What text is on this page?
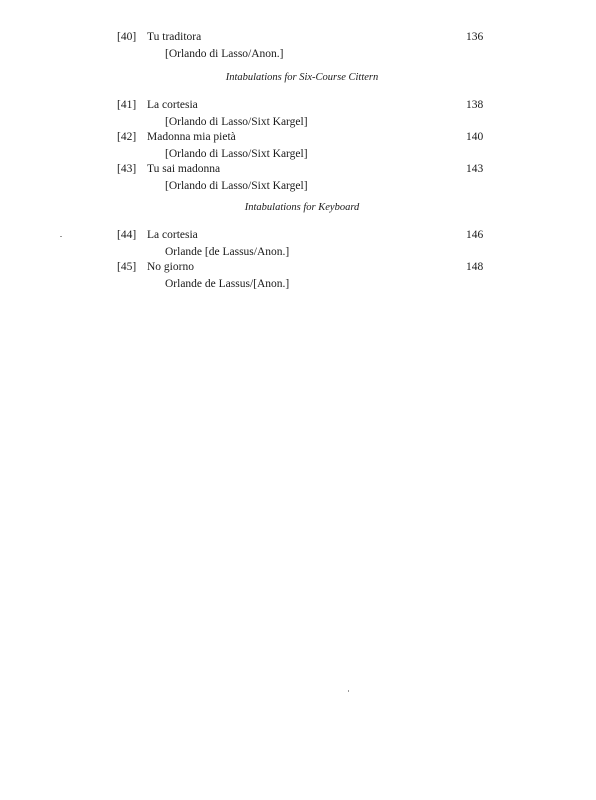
[40] Tu traditora
[Orlando di Lasso/Anon.]
136
Intabulations for Six-Course Cittern
[41] La cortesia
[Orlando di Lasso/Sixt Kargel]
138
[42] Madonna mia pietà
[Orlando di Lasso/Sixt Kargel]
140
[43] Tu sai madonna
[Orlando di Lasso/Sixt Kargel]
143
Intabulations for Keyboard
[44] La cortesia
Orlande [de Lassus/Anon.]
146
[45] No giorno
Orlande de Lassus/[Anon.]
148
